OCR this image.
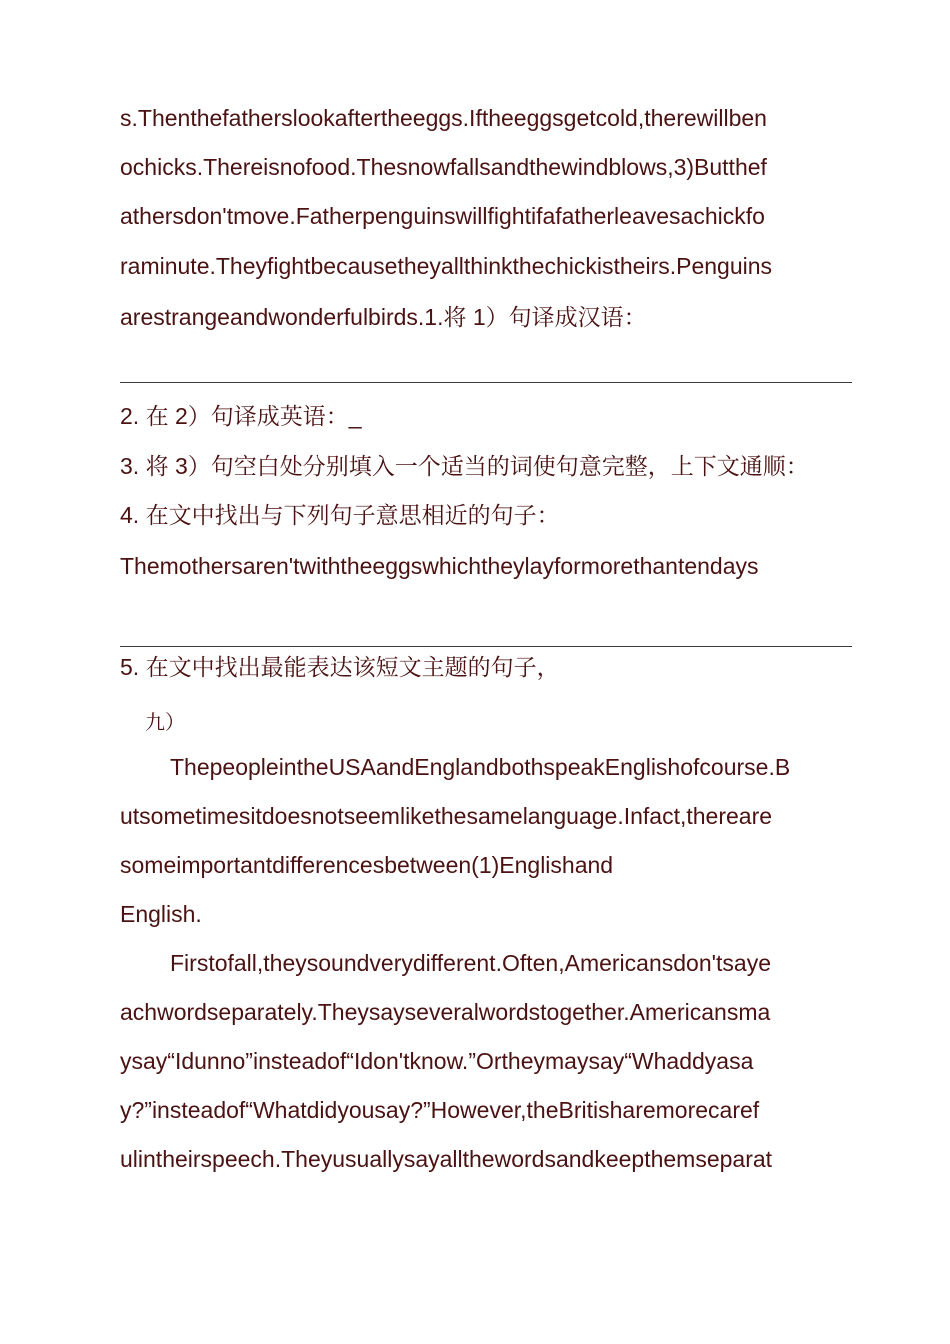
s.Thenthefatherslookaftertheeggs.Iftheeggsgetcold,therewillben
ochicks.Thereisnofood.Thesnowfallsandthewindblows,3)Butthef
athersdon'tmove.Fatherpenguinswillfightifafatherleavesachickfo
raminute.Theyfightbecausetheyallthinkthechickistheirs.Penguins
arestrangeandwonderfulbirds.1.将 1）句译成汉语：
2. 在 2）句译成英语：_
3. 将 3）句空白处分别填入一个适当的词使句意完整，上下文通顺：
4. 在文中找出与下列句子意思相近的句子：
Themothersaren'twiththeeggswhichtheylayformorethantendays
5. 在文中找出最能表达该短文主题的句子，
九）
ThepeopleintheUSAandEnglandbothspeakEnglishofcourse.B
utsometimesitdoesnotseemlikethesamelanguage.Infact,thereare
someimportantdifferencesbetween(1)Englishand
English.
Firstofall,theysoundverydifferent.Often,Americansdon'tsaye
achwordseparately.Theysayseveralwordstogether.Americansma
ysay“Idunno”insteadof“Idon'tknow.”Ortheymaysay“Whaddyasa
y?”insteadof“Whatdidyousay?”However,theBritisharemorecaref
ulintheirspeech.Theyusuallysayallthewordsandkeepthemseparat
